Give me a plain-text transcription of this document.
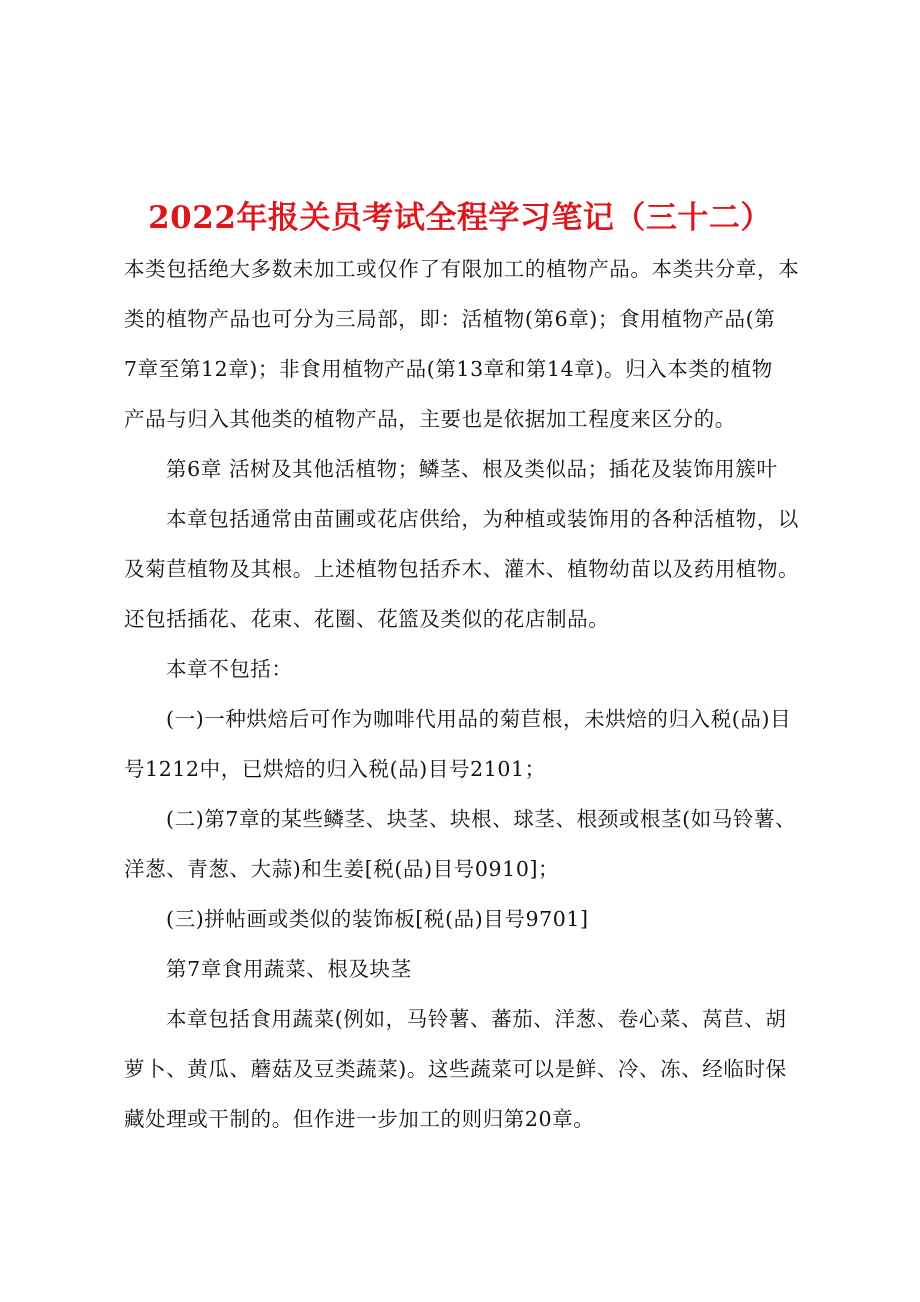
2022年报关员考试全程学习笔记（三十二）
本类包括绝大多数未加工或仅作了有限加工的植物产品。本类共分章，本
类的植物产品也可分为三局部，即：活植物(第6章)；食用植物产品(第
7章至第12章)；非食用植物产品(第13章和第14章)。归入本类的植物
产品与归入其他类的植物产品，主要也是依据加工程度来区分的。
第6章 活树及其他活植物；鳞茎、根及类似品；插花及装饰用簇叶
本章包括通常由苗圃或花店供给，为种植或装饰用的各种活植物，以
及菊苣植物及其根。上述植物包括乔木、灌木、植物幼苗以及药用植物。
还包括插花、花束、花圈、花篮及类似的花店制品。
本章不包括：
(一)一种烘焙后可作为咖啡代用品的菊苣根，未烘焙的归入税(品)目
号1212中，已烘焙的归入税(品)目号2101；
(二)第7章的某些鳞茎、块茎、块根、球茎、根颈或根茎(如马铃薯、
洋葱、青葱、大蒜)和生姜[税(品)目号0910]；
(三)拼帖画或类似的装饰板[税(品)目号9701]
第7章食用蔬菜、根及块茎
本章包括食用蔬菜(例如，马铃薯、蕃茄、洋葱、卷心菜、莴苣、胡
萝卜、黄瓜、蘑菇及豆类蔬菜)。这些蔬菜可以是鲜、冷、冻、经临时保
藏处理或干制的。但作进一步加工的则归第20章。
